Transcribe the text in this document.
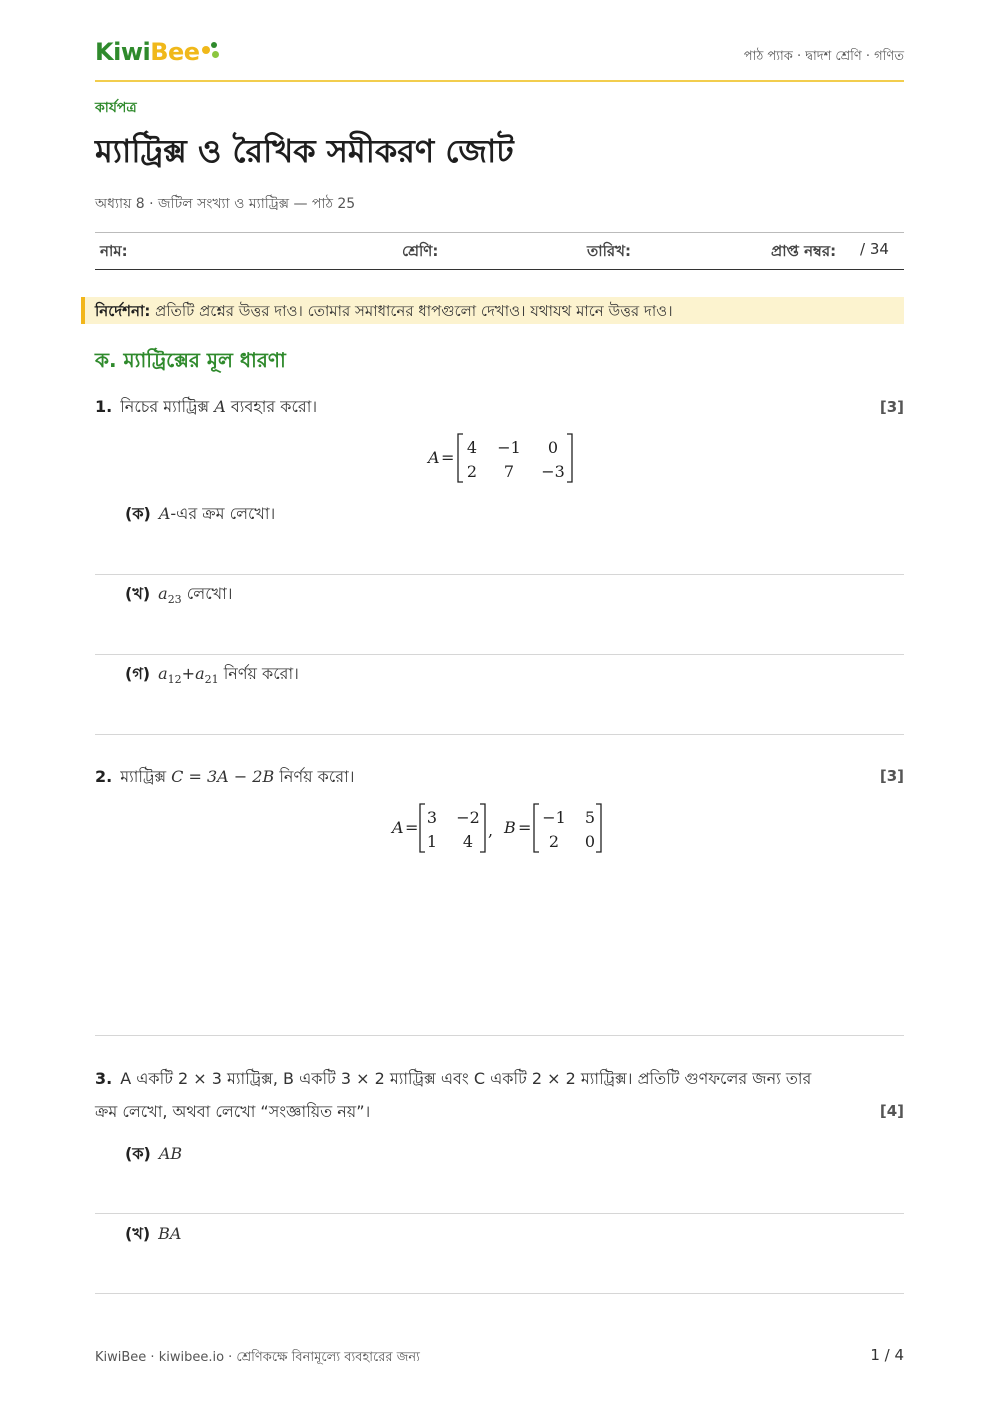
KiwiBee	পাঠ প্যাক · দ্বাদশ শ্রেণি · গণিত
কার্যপত্র
ম্যাট্রিক্স ও রৈখিক সমীকরণ জোট
অধ্যায় 8 · জটিল সংখ্যা ও ম্যাট্রিক্স — পাঠ 25
নাম:	শ্রেণি:	তারিখ:	প্রাপ্ত নম্বর: / 34
নির্দেশনা: প্রতিটি প্রশ্নের উত্তর দাও। তোমার সমাধানের ধাপগুলো দেখাও। যথাযথ মানে উত্তর দাও।
ক. ম্যাট্রিক্সের মূল ধারণা
1. নিচের ম্যাট্রিক্স A ব্যবহার করো।	[3]
A =
4 −1 0
2 7 −3
(ক) A-এর ক্রম লেখো।
(খ) $a_{23}$ লেখো।
(গ) $a_{12}+a_{21}$ নির্ণয় করো।
2. ম্যাট্রিক্স C = 3A − 2B নির্ণয় করো।	[3]
A =
3 −2
1 4
, B =
−1 5
2 0
3. A একটি 2 × 3 ম্যাট্রিক্স, B একটি 3 × 2 ম্যাট্রিক্স এবং C একটি 2 × 2 ম্যাট্রিক্স। প্রতিটি গুণফলের জন্য তার
ক্রম লেখো, অথবা লেখো “সংজ্ঞায়িত নয়”।	[4]
(ক) AB
(খ) BA
KiwiBee · kiwibee.io · শ্রেণিকক্ষে বিনামূল্যে ব্যবহারের জন্য	1 / 4
